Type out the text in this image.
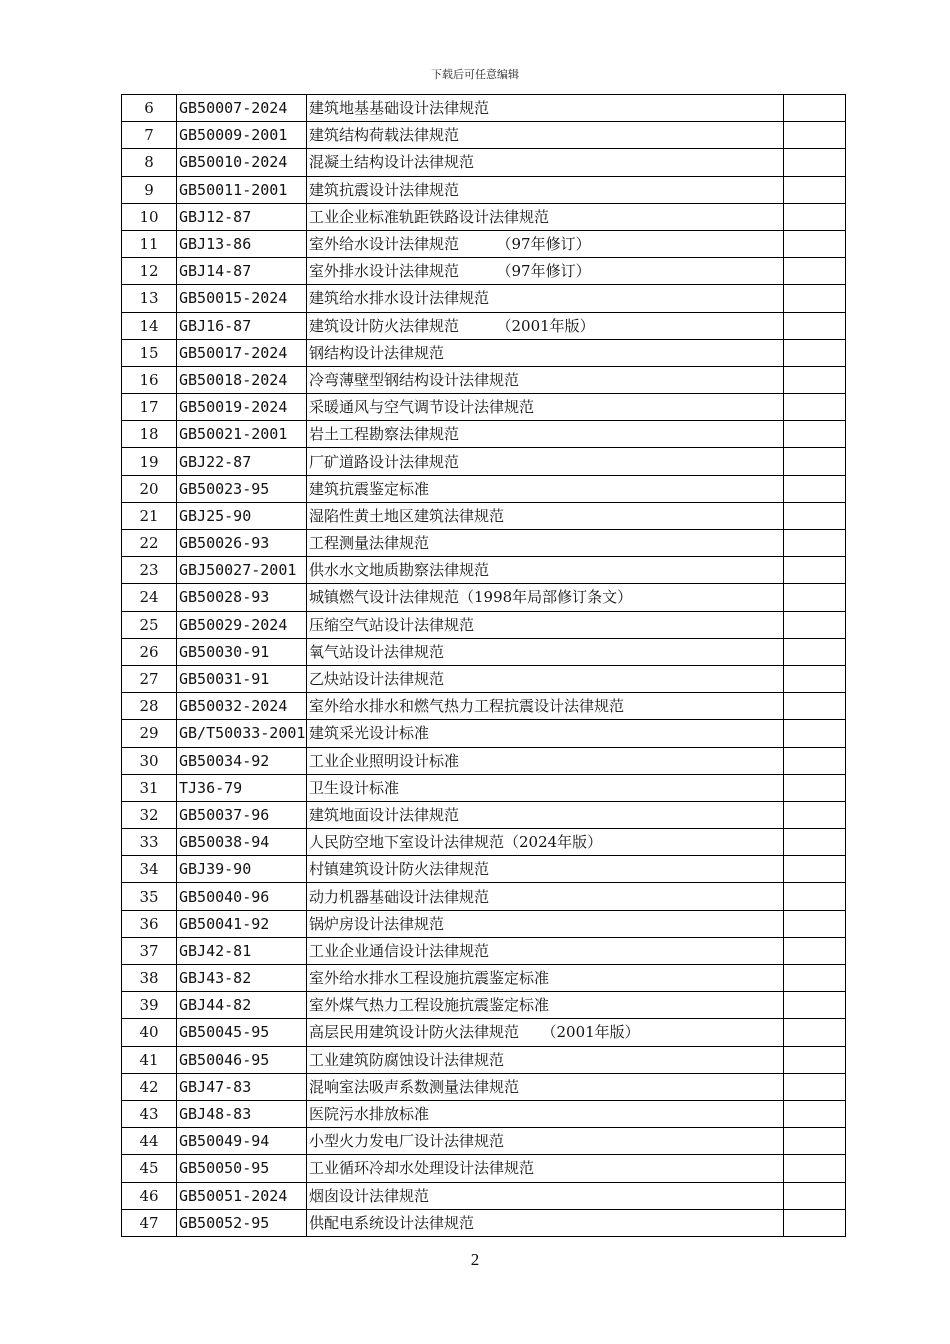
下载后可任意编辑
6	GB50007-2024	建筑地基基础设计法律规范	
7	GB50009-2001	建筑结构荷载法律规范	
8	GB50010-2024	混凝土结构设计法律规范	
9	GB50011-2001	建筑抗震设计法律规范	
10	GBJ12-87	工业企业标准轨距铁路设计法律规范	
11	GBJ13-86	室外给水设计法律规范　　　（97年修订）	
12	GBJ14-87	室外排水设计法律规范　　　（97年修订）	
13	GB50015-2024	建筑给水排水设计法律规范	
14	GBJ16-87	建筑设计防火法律规范　　　（2001年版）	
15	GB50017-2024	钢结构设计法律规范	
16	GB50018-2024	冷弯薄壁型钢结构设计法律规范	
17	GB50019-2024	采暖通风与空气调节设计法律规范	
18	GB50021-2001	岩土工程勘察法律规范	
19	GBJ22-87	厂矿道路设计法律规范	
20	GB50023-95	建筑抗震鉴定标准	
21	GBJ25-90	湿陷性黄土地区建筑法律规范	
22	GB50026-93	工程测量法律规范	
23	GBJ50027-2001	供水水文地质勘察法律规范	
24	GB50028-93	城镇燃气设计法律规范（1998年局部修订条文）	
25	GB50029-2024	压缩空气站设计法律规范	
26	GB50030-91	氧气站设计法律规范	
27	GB50031-91	乙炔站设计法律规范	
28	GB50032-2024	室外给水排水和燃气热力工程抗震设计法律规范	
29	GB/T50033-2001	建筑采光设计标准	
30	GB50034-92	工业企业照明设计标准	
31	TJ36-79	卫生设计标准	
32	GB50037-96	建筑地面设计法律规范	
33	GB50038-94	人民防空地下室设计法律规范（2024年版）	
34	GBJ39-90	村镇建筑设计防火法律规范	
35	GB50040-96	动力机器基础设计法律规范	
36	GB50041-92	锅炉房设计法律规范	
37	GBJ42-81	工业企业通信设计法律规范	
38	GBJ43-82	室外给水排水工程设施抗震鉴定标准	
39	GBJ44-82	室外煤气热力工程设施抗震鉴定标准	
40	GB50045-95	高层民用建筑设计防火法律规范　　（2001年版）	
41	GB50046-95	工业建筑防腐蚀设计法律规范	
42	GBJ47-83	混响室法吸声系数测量法律规范	
43	GBJ48-83	医院污水排放标准	
44	GB50049-94	小型火力发电厂设计法律规范	
45	GB50050-95	工业循环冷却水处理设计法律规范	
46	GB50051-2024	烟囱设计法律规范	
47	GB50052-95	供配电系统设计法律规范	
2
